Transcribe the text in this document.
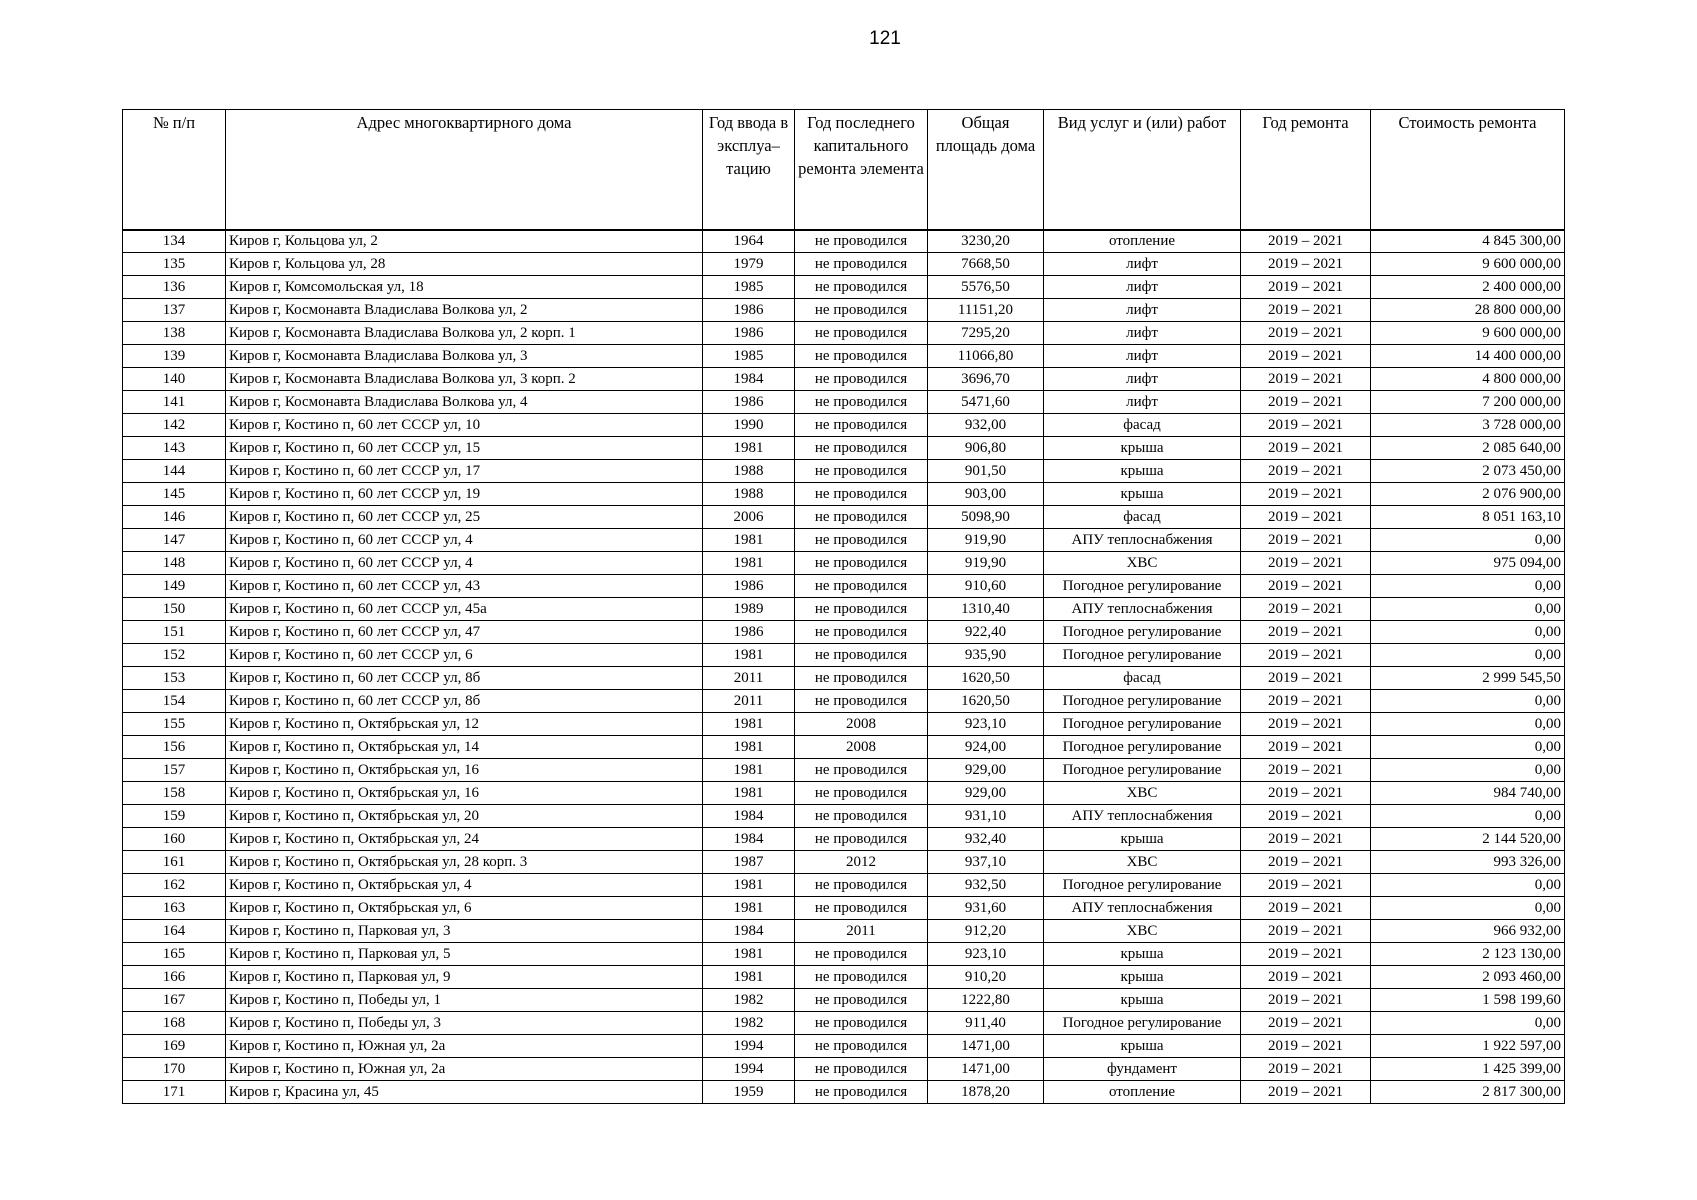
121
№ п/п	Адрес многоквартирного дома	Год ввода в эксплуа–тацию	Год последнего капитального ремонта элемента	Общая площадь дома	Вид услуг и (или) работ	Год ремонта	Стоимость ремонта
134	Киров г, Кольцова ул, 2	1964	не проводился	3230,20	отопление	2019 – 2021	4 845 300,00
135	Киров г, Кольцова ул, 28	1979	не проводился	7668,50	лифт	2019 – 2021	9 600 000,00
136	Киров г, Комсомольская ул, 18	1985	не проводился	5576,50	лифт	2019 – 2021	2 400 000,00
137	Киров г, Космонавта Владислава Волкова ул, 2	1986	не проводился	11151,20	лифт	2019 – 2021	28 800 000,00
138	Киров г, Космонавта Владислава Волкова ул, 2 корп. 1	1986	не проводился	7295,20	лифт	2019 – 2021	9 600 000,00
139	Киров г, Космонавта Владислава Волкова ул, 3	1985	не проводился	11066,80	лифт	2019 – 2021	14 400 000,00
140	Киров г, Космонавта Владислава Волкова ул, 3 корп. 2	1984	не проводился	3696,70	лифт	2019 – 2021	4 800 000,00
141	Киров г, Космонавта Владислава Волкова ул, 4	1986	не проводился	5471,60	лифт	2019 – 2021	7 200 000,00
142	Киров г, Костино п, 60 лет СССР ул, 10	1990	не проводился	932,00	фасад	2019 – 2021	3 728 000,00
143	Киров г, Костино п, 60 лет СССР ул, 15	1981	не проводился	906,80	крыша	2019 – 2021	2 085 640,00
144	Киров г, Костино п, 60 лет СССР ул, 17	1988	не проводился	901,50	крыша	2019 – 2021	2 073 450,00
145	Киров г, Костино п, 60 лет СССР ул, 19	1988	не проводился	903,00	крыша	2019 – 2021	2 076 900,00
146	Киров г, Костино п, 60 лет СССР ул, 25	2006	не проводился	5098,90	фасад	2019 – 2021	8 051 163,10
147	Киров г, Костино п, 60 лет СССР ул, 4	1981	не проводился	919,90	АПУ теплоснабжения	2019 – 2021	0,00
148	Киров г, Костино п, 60 лет СССР ул, 4	1981	не проводился	919,90	ХВС	2019 – 2021	975 094,00
149	Киров г, Костино п, 60 лет СССР ул, 43	1986	не проводился	910,60	Погодное регулирование	2019 – 2021	0,00
150	Киров г, Костино п, 60 лет СССР ул, 45а	1989	не проводился	1310,40	АПУ теплоснабжения	2019 – 2021	0,00
151	Киров г, Костино п, 60 лет СССР ул, 47	1986	не проводился	922,40	Погодное регулирование	2019 – 2021	0,00
152	Киров г, Костино п, 60 лет СССР ул, 6	1981	не проводился	935,90	Погодное регулирование	2019 – 2021	0,00
153	Киров г, Костино п, 60 лет СССР ул, 8б	2011	не проводился	1620,50	фасад	2019 – 2021	2 999 545,50
154	Киров г, Костино п, 60 лет СССР ул, 8б	2011	не проводился	1620,50	Погодное регулирование	2019 – 2021	0,00
155	Киров г, Костино п, Октябрьская ул, 12	1981	2008	923,10	Погодное регулирование	2019 – 2021	0,00
156	Киров г, Костино п, Октябрьская ул, 14	1981	2008	924,00	Погодное регулирование	2019 – 2021	0,00
157	Киров г, Костино п, Октябрьская ул, 16	1981	не проводился	929,00	Погодное регулирование	2019 – 2021	0,00
158	Киров г, Костино п, Октябрьская ул, 16	1981	не проводился	929,00	ХВС	2019 – 2021	984 740,00
159	Киров г, Костино п, Октябрьская ул, 20	1984	не проводился	931,10	АПУ теплоснабжения	2019 – 2021	0,00
160	Киров г, Костино п, Октябрьская ул, 24	1984	не проводился	932,40	крыша	2019 – 2021	2 144 520,00
161	Киров г, Костино п, Октябрьская ул, 28 корп. 3	1987	2012	937,10	ХВС	2019 – 2021	993 326,00
162	Киров г, Костино п, Октябрьская ул, 4	1981	не проводился	932,50	Погодное регулирование	2019 – 2021	0,00
163	Киров г, Костино п, Октябрьская ул, 6	1981	не проводился	931,60	АПУ теплоснабжения	2019 – 2021	0,00
164	Киров г, Костино п, Парковая ул, 3	1984	2011	912,20	ХВС	2019 – 2021	966 932,00
165	Киров г, Костино п, Парковая ул, 5	1981	не проводился	923,10	крыша	2019 – 2021	2 123 130,00
166	Киров г, Костино п, Парковая ул, 9	1981	не проводился	910,20	крыша	2019 – 2021	2 093 460,00
167	Киров г, Костино п, Победы ул, 1	1982	не проводился	1222,80	крыша	2019 – 2021	1 598 199,60
168	Киров г, Костино п, Победы ул, 3	1982	не проводился	911,40	Погодное регулирование	2019 – 2021	0,00
169	Киров г, Костино п, Южная ул, 2а	1994	не проводился	1471,00	крыша	2019 – 2021	1 922 597,00
170	Киров г, Костино п, Южная ул, 2а	1994	не проводился	1471,00	фундамент	2019 – 2021	1 425 399,00
171	Киров г, Красина ул, 45	1959	не проводился	1878,20	отопление	2019 – 2021	2 817 300,00
